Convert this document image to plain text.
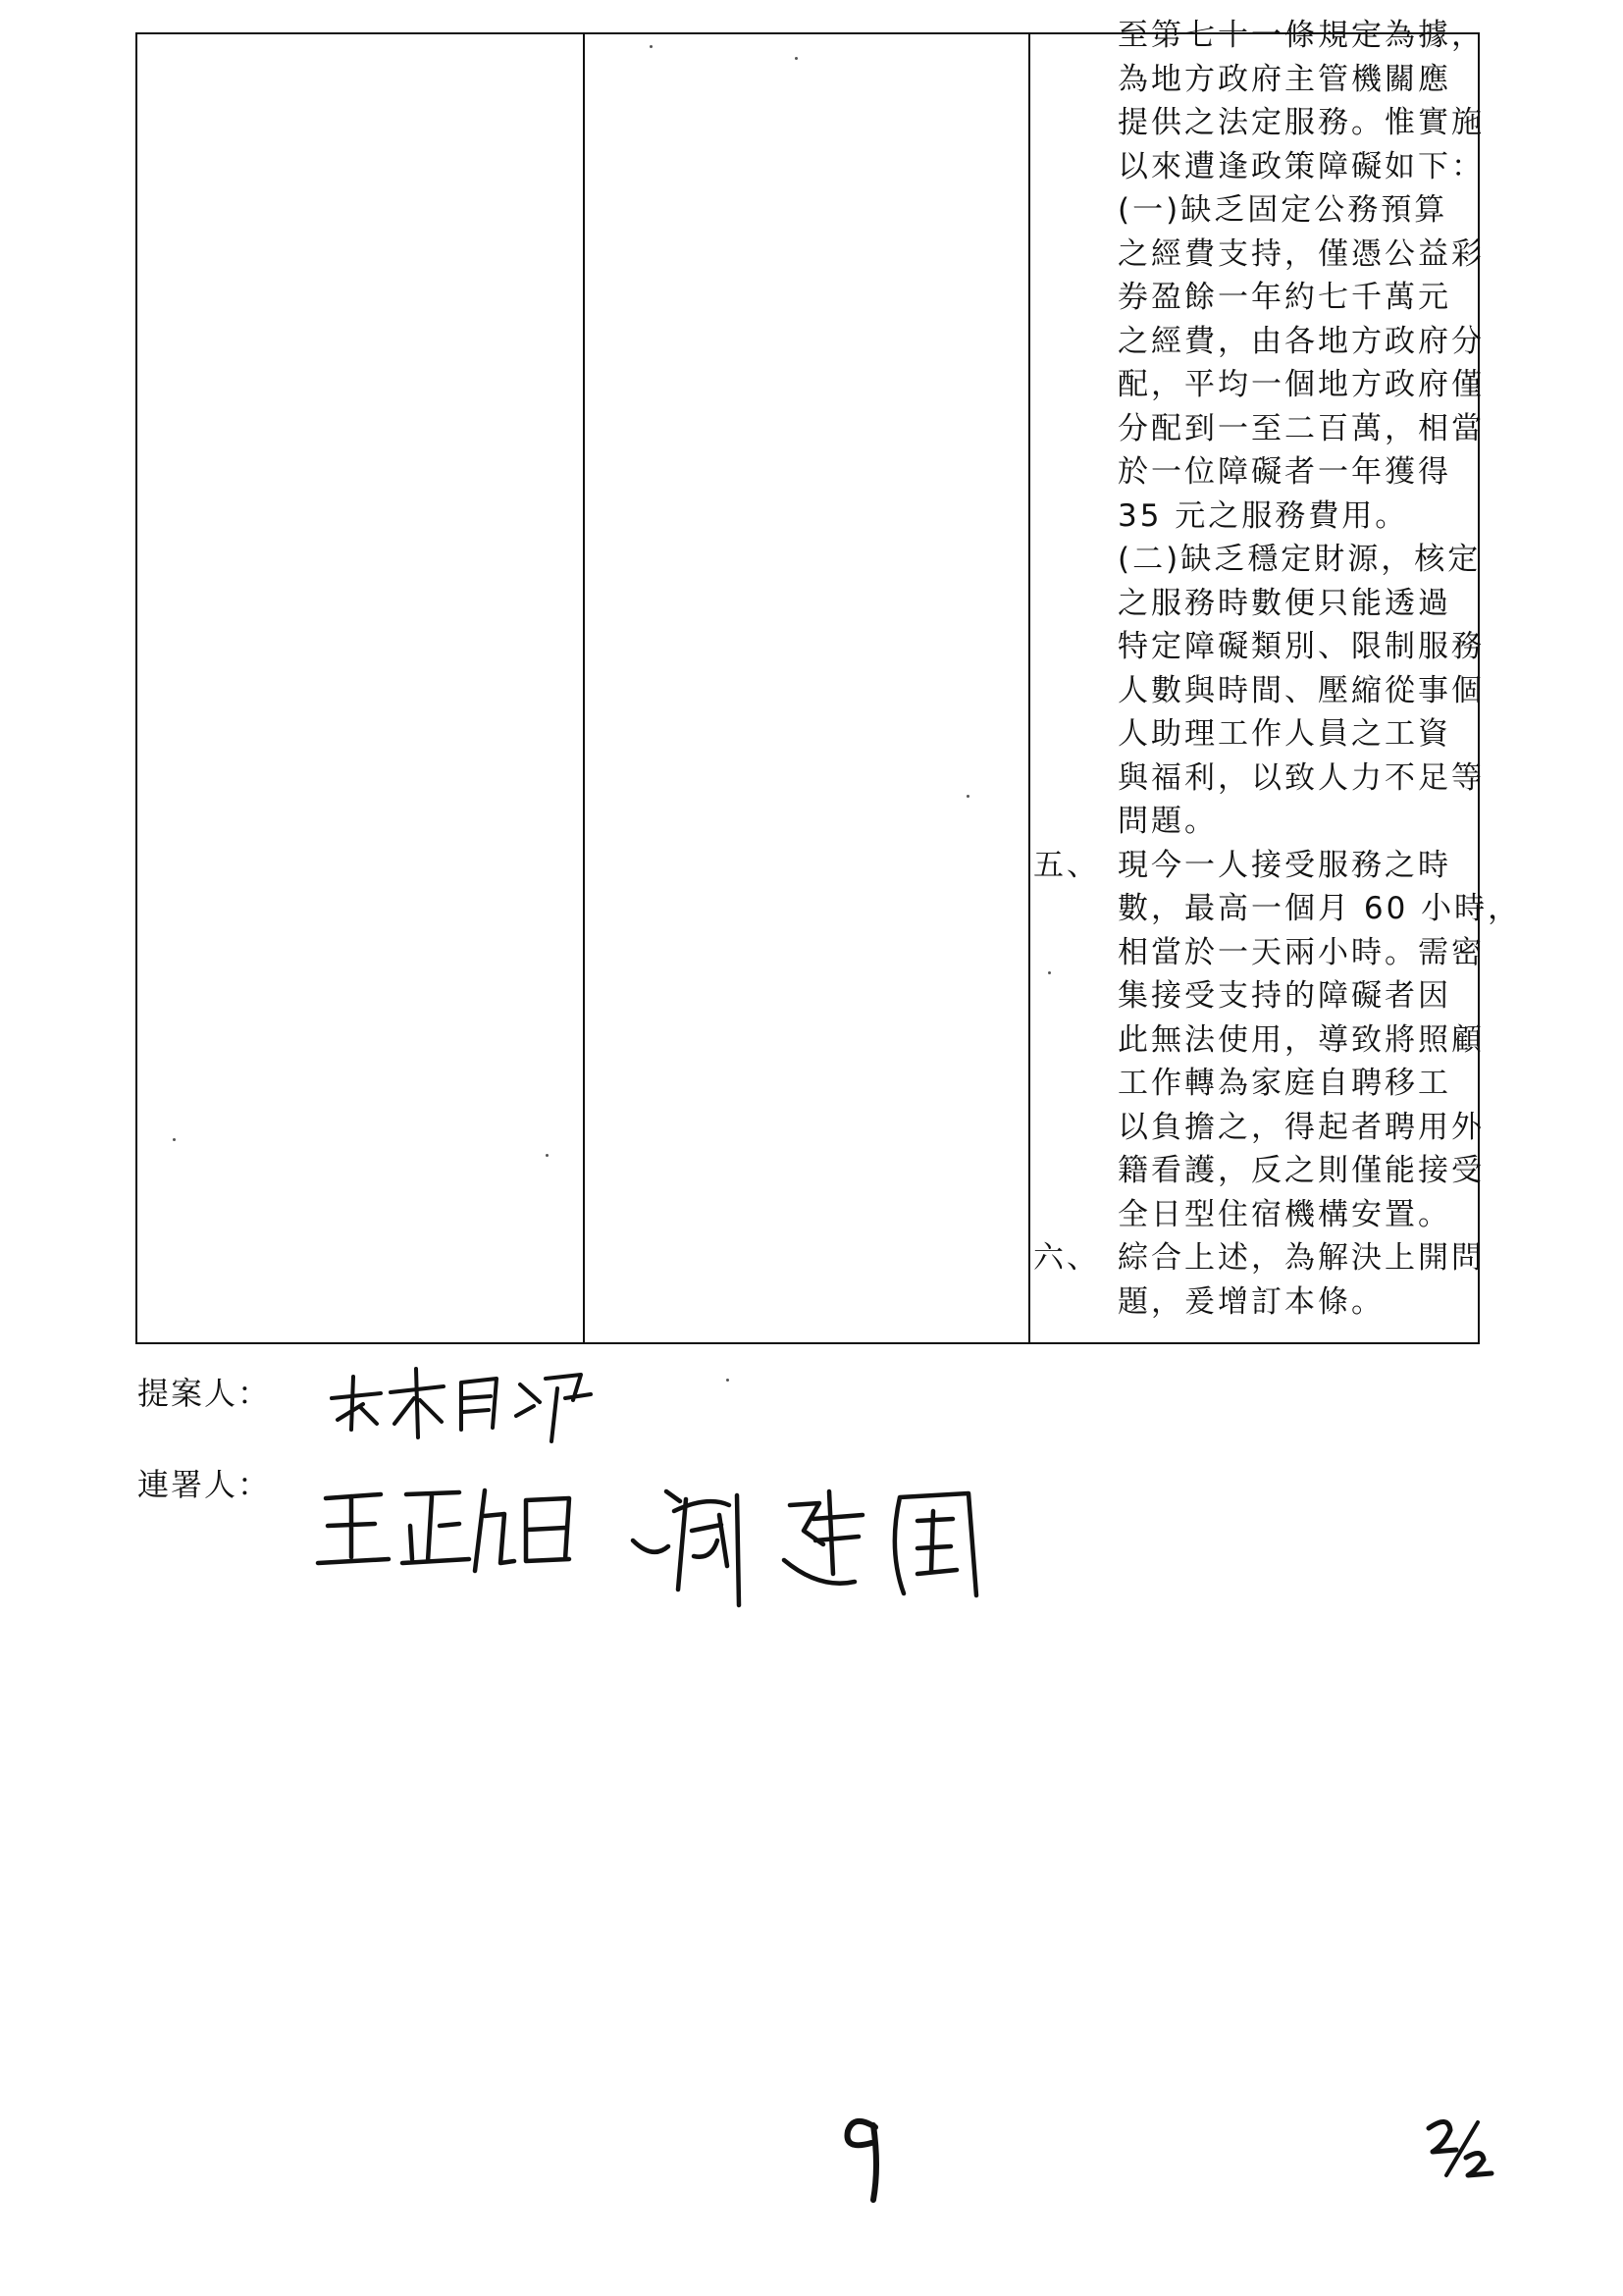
至第七十一條規定為據，
為地方政府主管機關應
提供之法定服務。惟實施
以來遭逢政策障礙如下：
(一)缺乏固定公務預算
之經費支持，僅憑公益彩
券盈餘一年約七千萬元
之經費，由各地方政府分
配，平均一個地方政府僅
分配到一至二百萬，相當
於一位障礙者一年獲得
35 元之服務費用。
(二)缺乏穩定財源，核定
之服務時數便只能透過
特定障礙類別、限制服務
人數與時間、壓縮從事個
人助理工作人員之工資
與福利，以致人力不足等
問題。
五、 現今一人接受服務之時
數，最高一個月 60 小時，
相當於一天兩小時。需密
集接受支持的障礙者因
此無法使用，導致將照顧
工作轉為家庭自聘移工
以負擔之，得起者聘用外
籍看護，反之則僅能接受
全日型住宿機構安置。
六、 綜合上述，為解決上開問
題，爰增訂本條。
提案人：
連署人：
